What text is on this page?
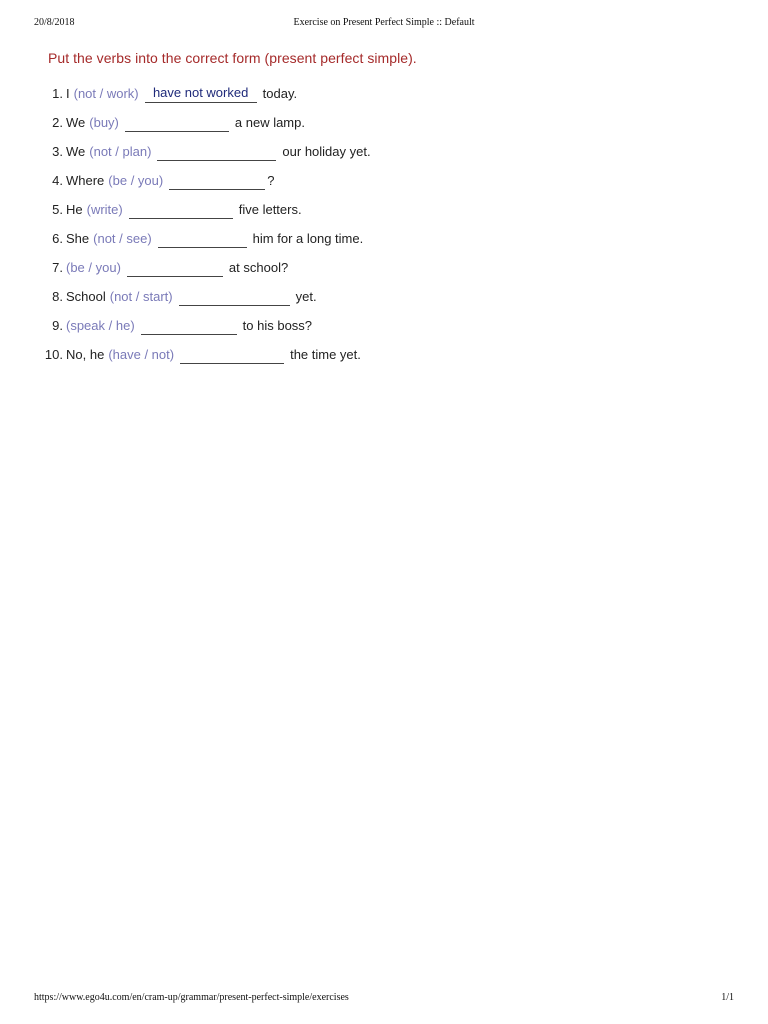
20/8/2018	Exercise on Present Perfect Simple :: Default
Put the verbs into the correct form (present perfect simple).
1. I (not / work)	have not worked	today.
2. We (buy)	a new lamp.
3. We (not / plan)	our holiday yet.
4. Where (be / you)	?
5. He (write)	five letters.
6. She (not / see)	him for a long time.
7. (be / you)	at school?
8. School (not / start)	yet.
9. (speak / he)	to his boss?
10. No, he (have / not)	the time yet.
https://www.ego4u.com/en/cram-up/grammar/present-perfect-simple/exercises	1/1
